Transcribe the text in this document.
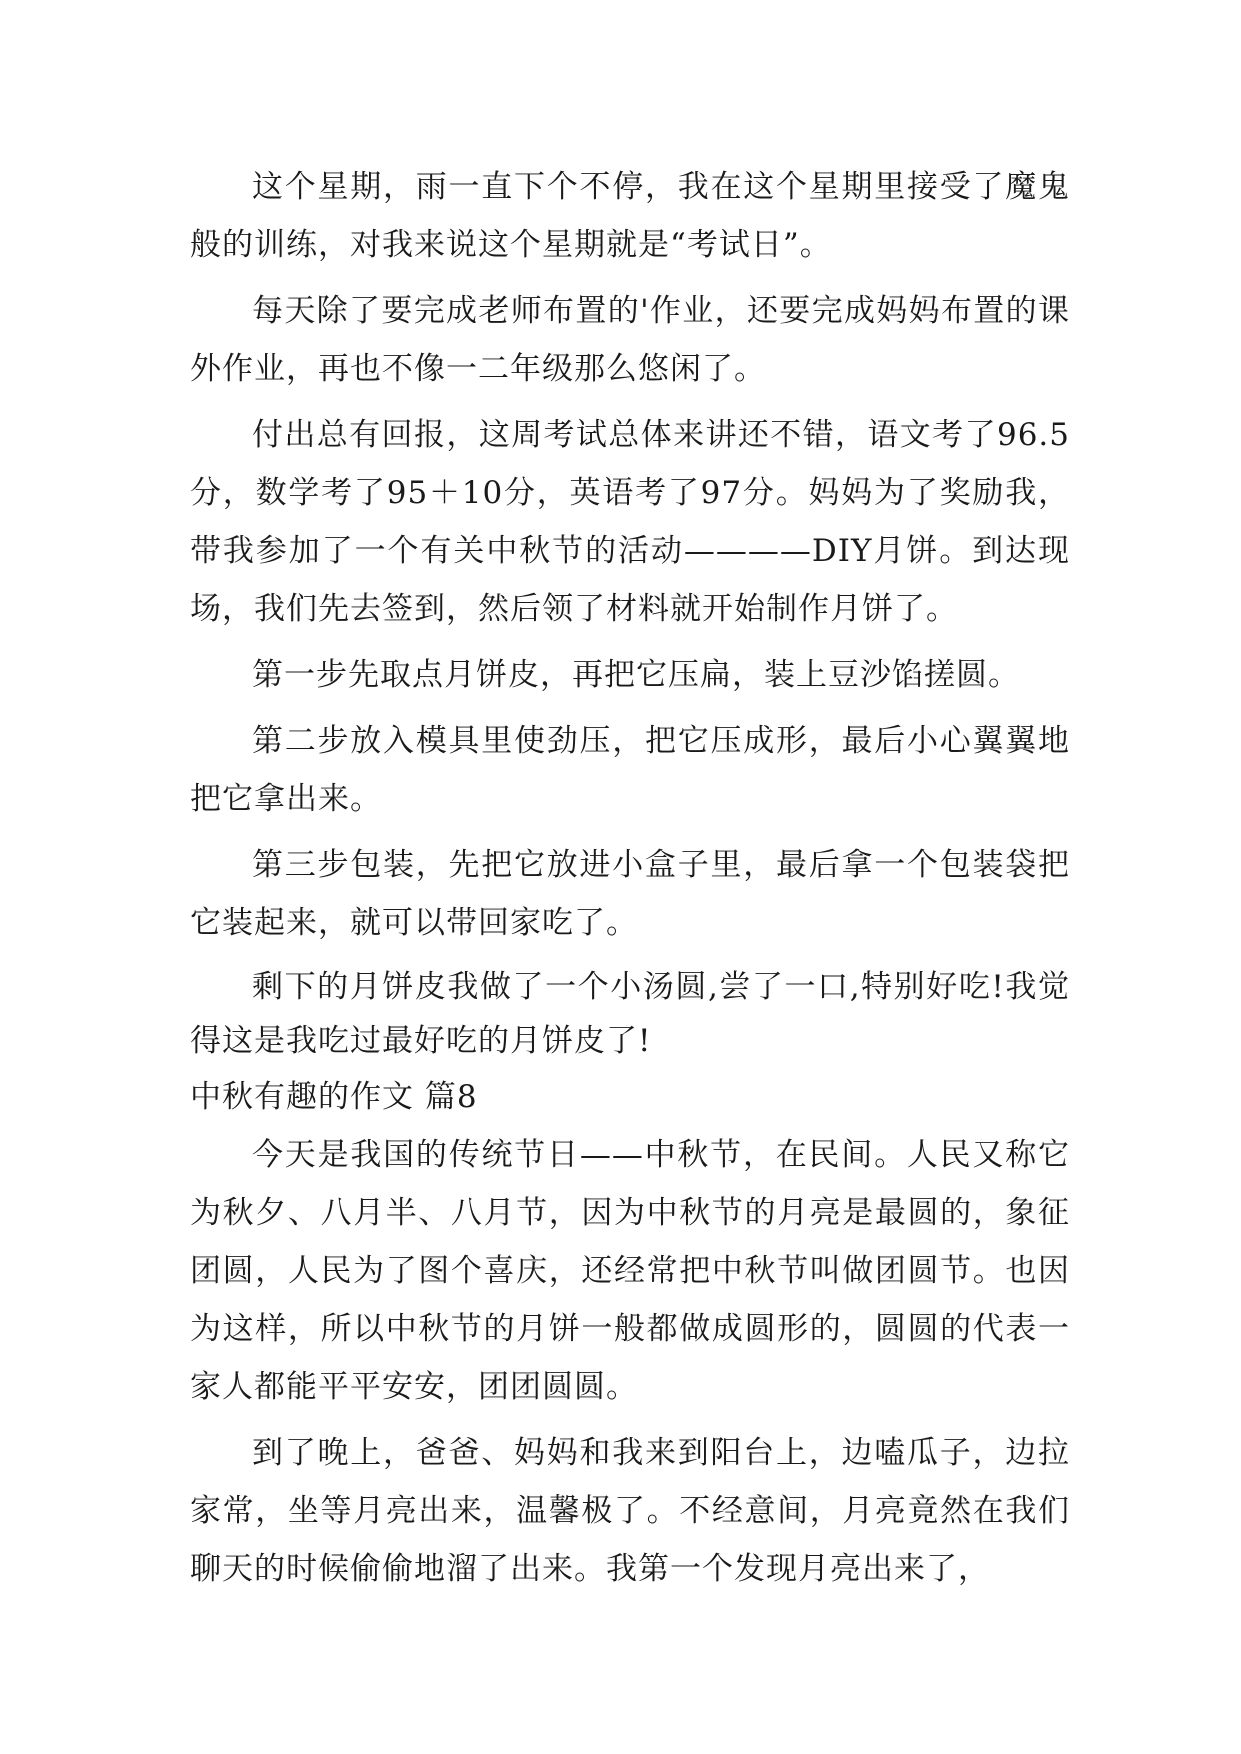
这个星期，雨一直下个不停，我在这个星期里接受了魔鬼般的训练，对我来说这个星期就是“考试日”。

每天除了要完成老师布置的'作业，还要完成妈妈布置的课外作业，再也不像一二年级那么悠闲了。

付出总有回报，这周考试总体来讲还不错，语文考了96.5分，数学考了95＋10分，英语考了97分。妈妈为了奖励我，带我参加了一个有关中秋节的活动————DIY月饼。到达现场，我们先去签到，然后领了材料就开始制作月饼了。

第一步先取点月饼皮，再把它压扁，装上豆沙馅搓圆。

第二步放入模具里使劲压，把它压成形，最后小心翼翼地把它拿出来。

第三步包装，先把它放进小盒子里，最后拿一个包装袋把它装起来，就可以带回家吃了。

剩下的月饼皮我做了一个小汤圆,尝了一口,特别好吃!我觉得这是我吃过最好吃的月饼皮了!

中秋有趣的作文 篇8

今天是我国的传统节日——中秋节，在民间。人民又称它为秋夕、八月半、八月节，因为中秋节的月亮是最圆的，象征团圆，人民为了图个喜庆，还经常把中秋节叫做团圆节。也因为这样，所以中秋节的月饼一般都做成圆形的，圆圆的代表一家人都能平平安安，团团圆圆。

到了晚上，爸爸、妈妈和我来到阳台上，边嗑瓜子，边拉家常，坐等月亮出来，温馨极了。不经意间，月亮竟然在我们聊天的时候偷偷地溜了出来。我第一个发现月亮出来了，
